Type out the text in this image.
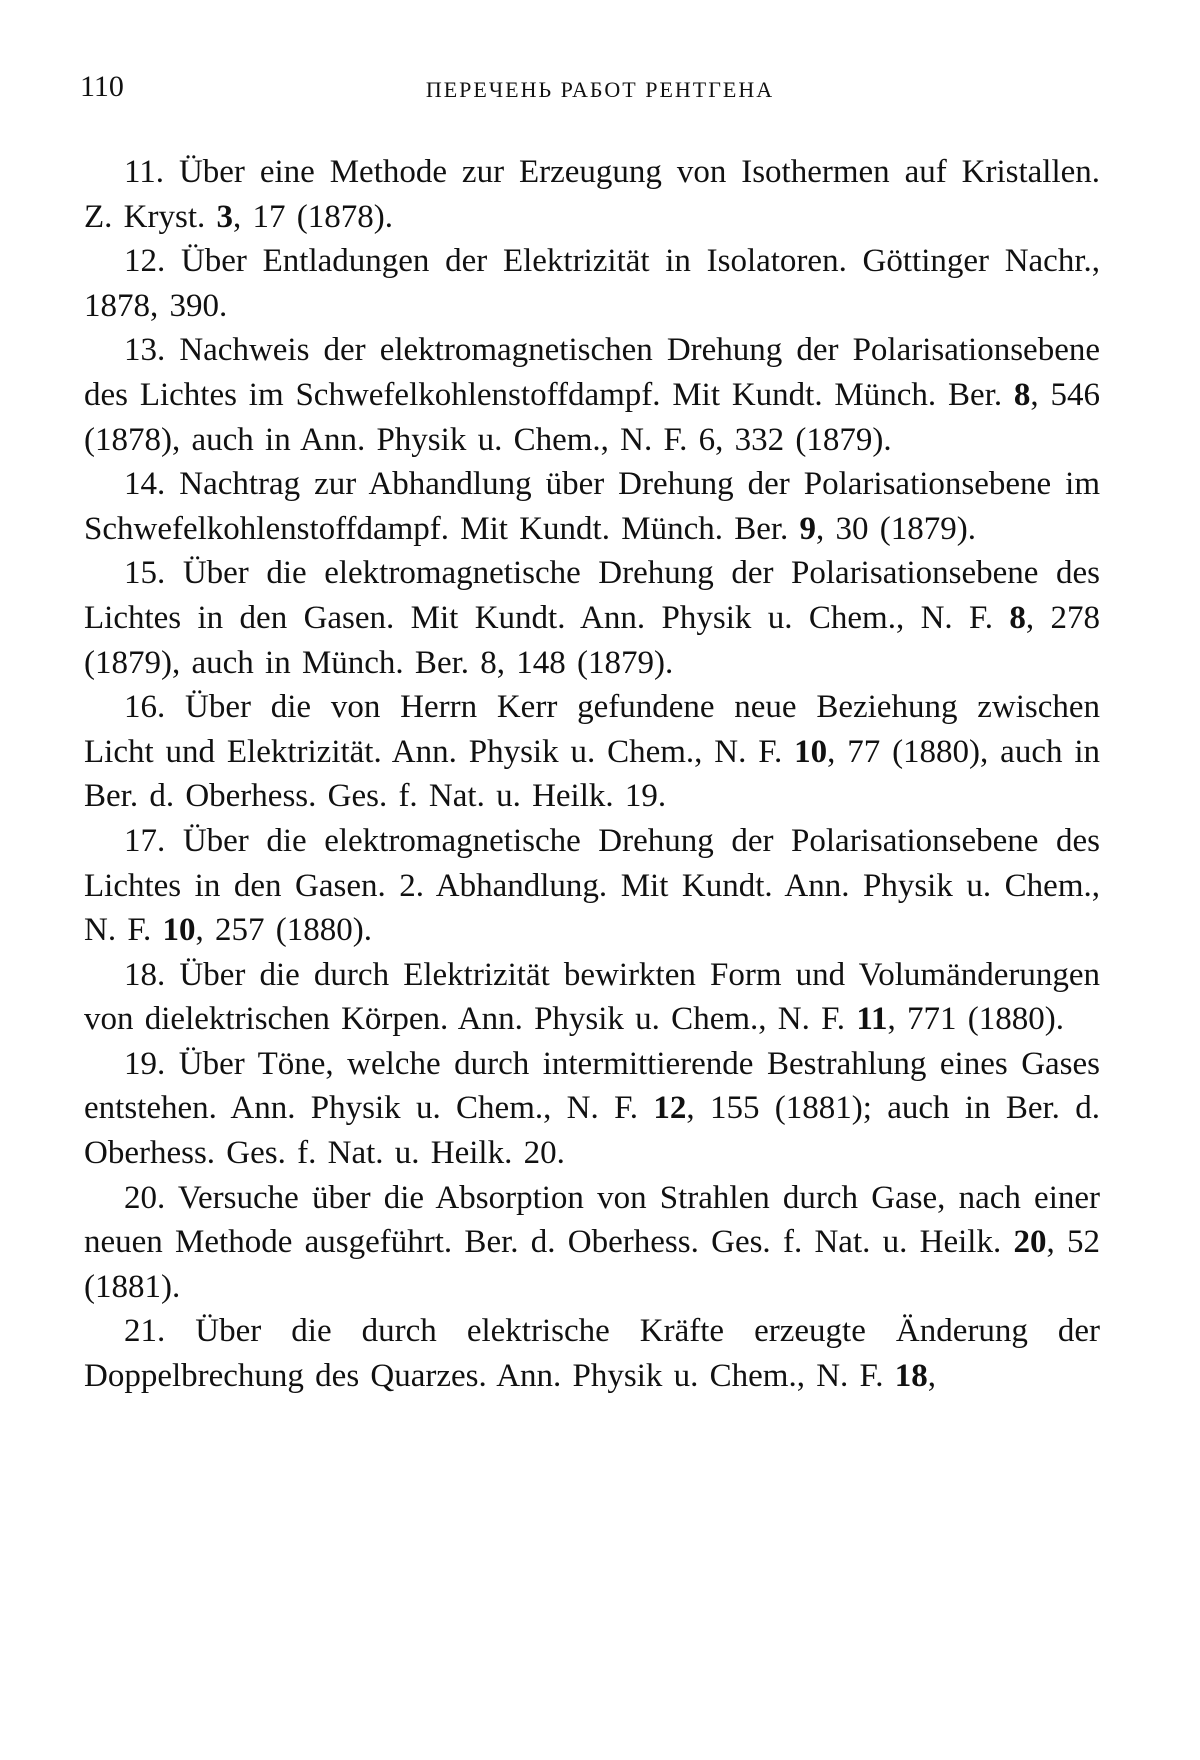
110	ПЕРЕЧЕНЬ РАБОТ РЕНТГЕНА

11. Über eine Methode zur Erzeugung von Isothermen auf Kristallen. Z. Kryst. 3, 17 (1878).

12. Über Entladungen der Elektrizität in Isolatoren. Göttinger Nachr., 1878, 390.

13. Nachweis der elektromagnetischen Drehung der Polarisationsebene des Lichtes im Schwefelkohlenstoffdampf. Mit Kundt. Münch. Ber. 8, 546 (1878), auch in Ann. Physik u. Chem., N. F. 6, 332 (1879).

14. Nachtrag zur Abhandlung über Drehung der Polarisationsebene im Schwefelkohlenstoffdampf. Mit Kundt. Münch. Ber. 9, 30 (1879).

15. Über die elektromagnetische Drehung der Polarisationsebene des Lichtes in den Gasen. Mit Kundt. Ann. Physik u. Chem., N. F. 8, 278 (1879), auch in Münch. Ber. 8, 148 (1879).

16. Über die von Herrn Kerr gefundene neue Beziehung zwischen Licht und Elektrizität. Ann. Physik u. Chem., N. F. 10, 77 (1880), auch in Ber. d. Oberhess. Ges. f. Nat. u. Heilk. 19.

17. Über die elektromagnetische Drehung der Polarisationsebene des Lichtes in den Gasen. 2. Abhandlung. Mit Kundt. Ann. Physik u. Chem., N. F. 10, 257 (1880).

18. Über die durch Elektrizität bewirkten Form und Volumänderungen von dielektrischen Körpen. Ann. Physik u. Chem., N. F. 11, 771 (1880).

19. Über Töne, welche durch intermittierende Bestrahlung eines Gases entstehen. Ann. Physik u. Chem., N. F. 12, 155 (1881); auch in Ber. d. Oberhess. Ges. f. Nat. u. Heilk. 20.

20. Versuche über die Absorption von Strahlen durch Gase, nach einer neuen Methode ausgeführt. Ber. d. Oberhess. Ges. f. Nat. u. Heilk. 20, 52 (1881).

21. Über die durch elektrische Kräfte erzeugte Änderung der Doppelbrechung des Quarzes. Ann. Physik u. Chem., N. F. 18,
